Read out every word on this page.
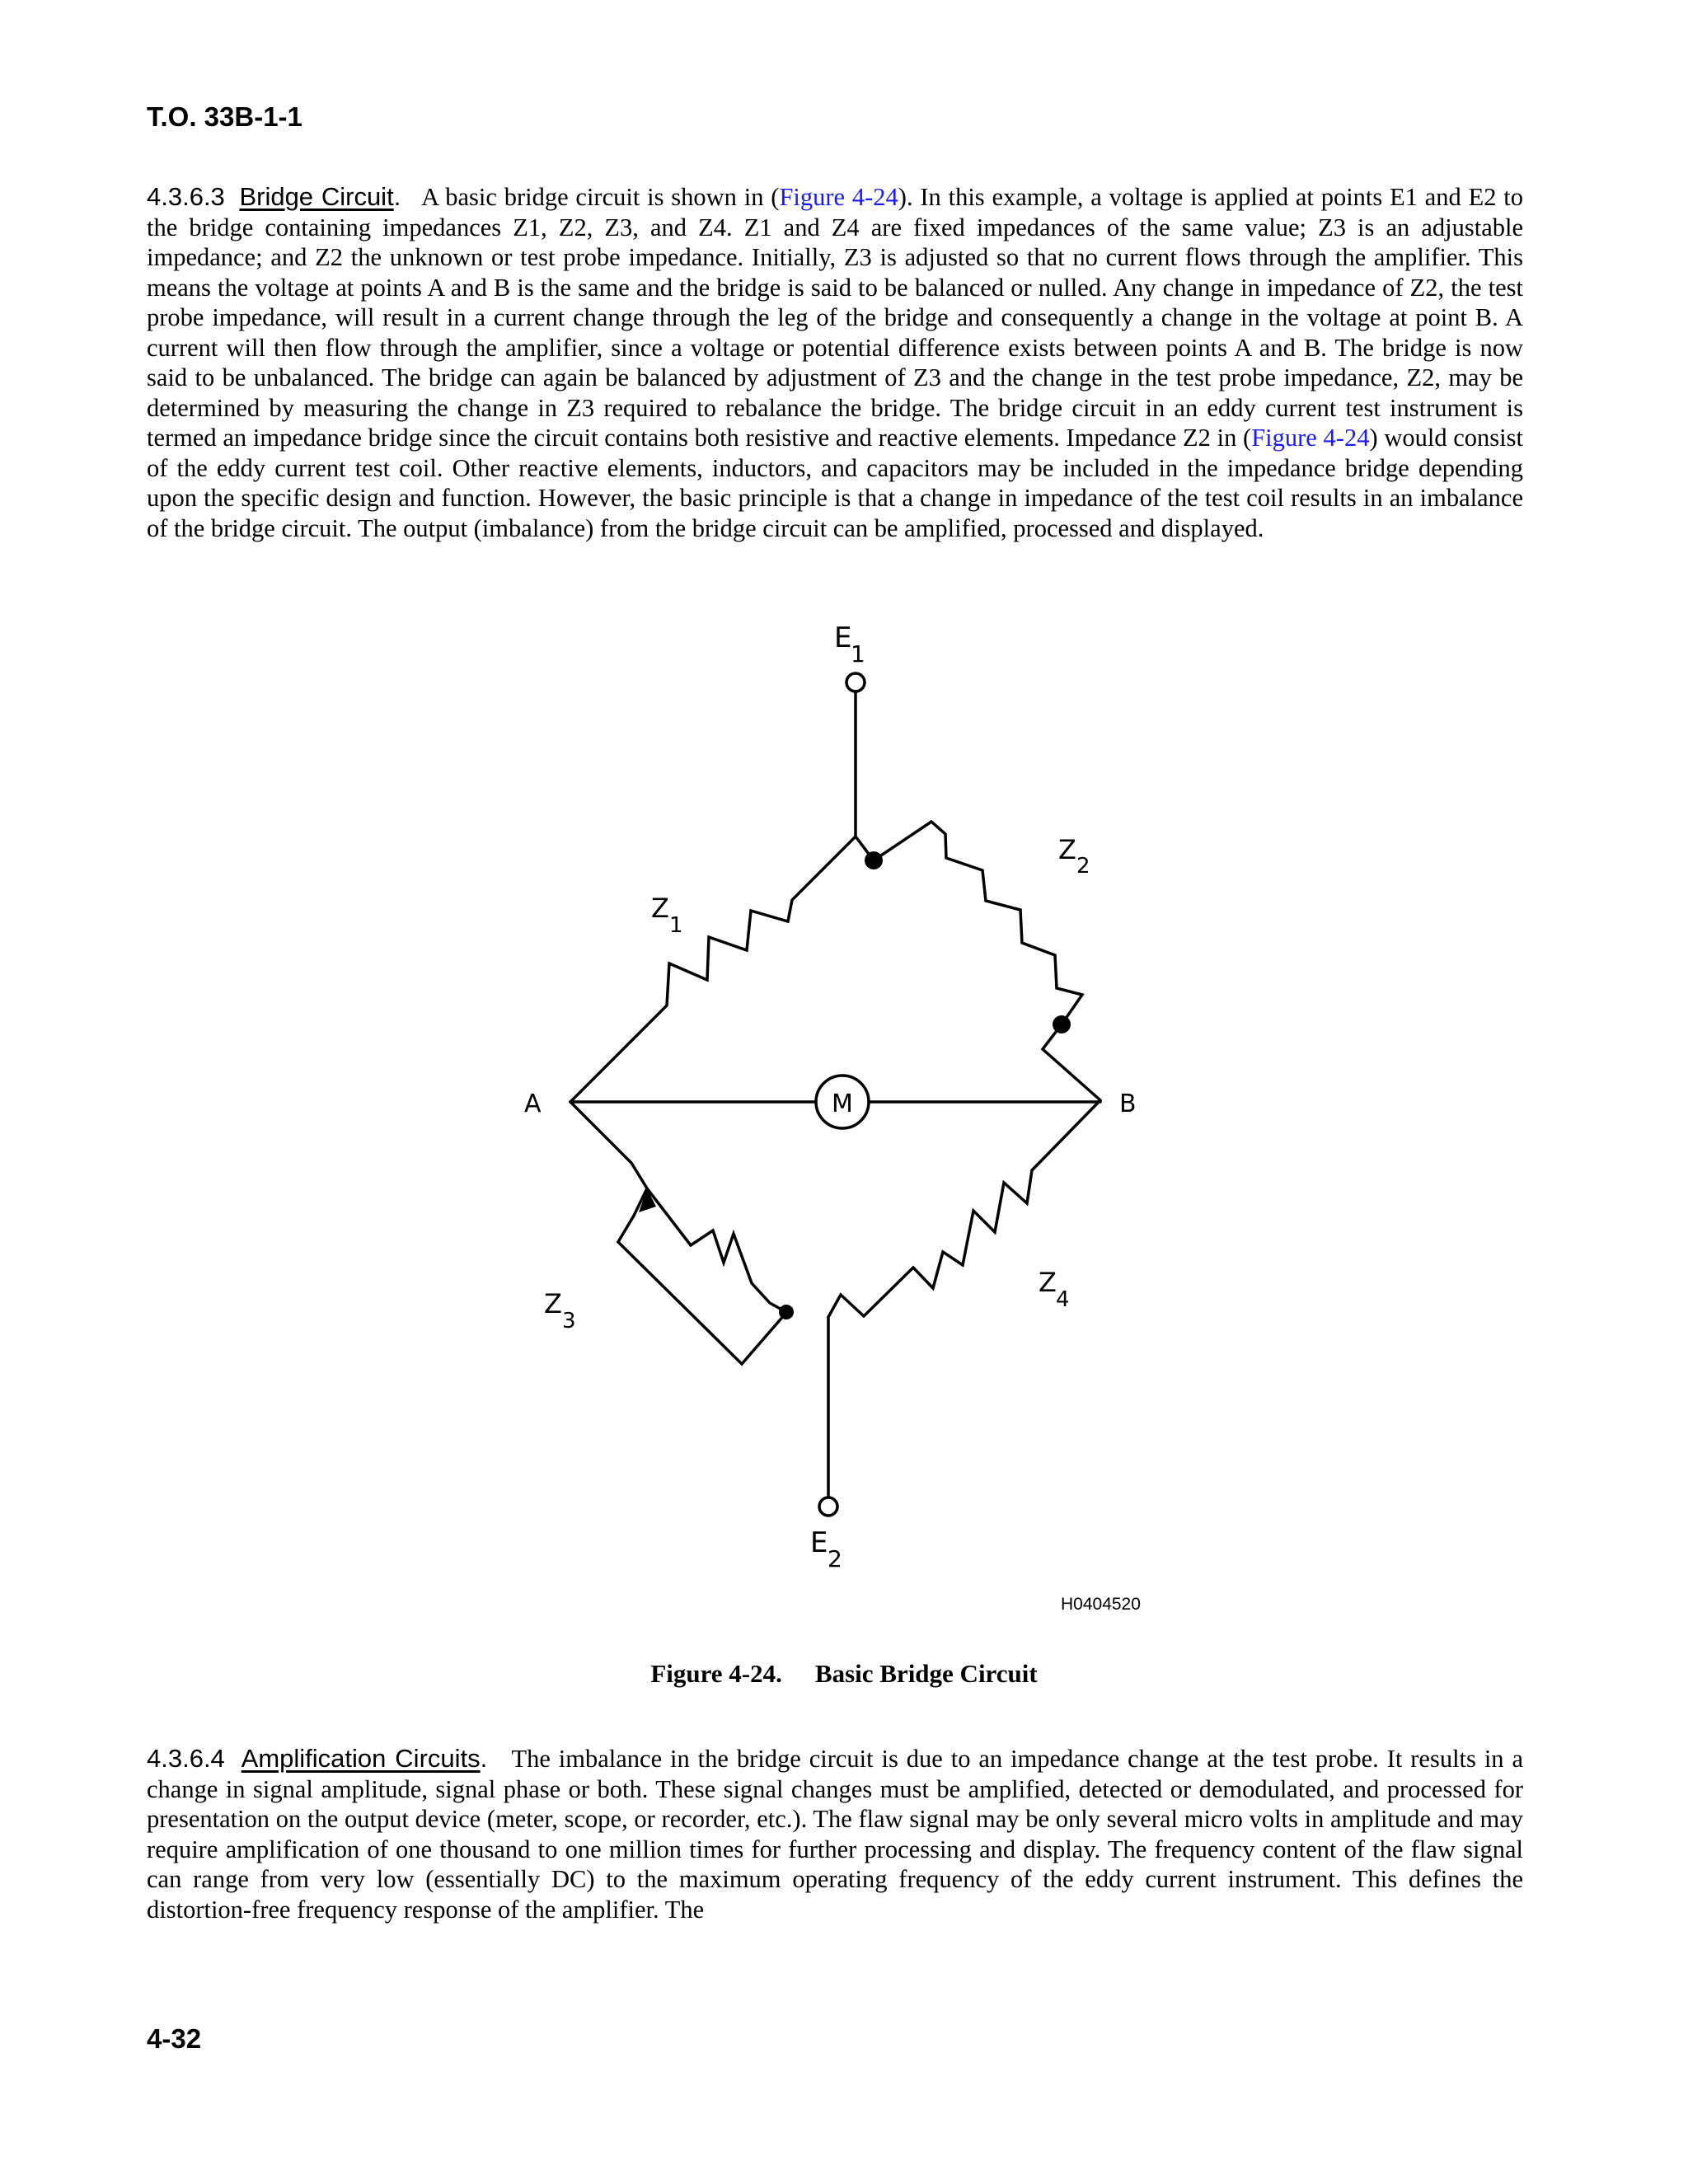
T.O. 33B-1-1

4.3.6.3 Bridge Circuit. A basic bridge circuit is shown in (Figure 4-24). In this example, a voltage is applied at points E1 and E2 to the bridge containing impedances Z1, Z2, Z3, and Z4. Z1 and Z4 are fixed impedances of the same value; Z3 is an adjustable impedance; and Z2 the unknown or test probe impedance. Initially, Z3 is adjusted so that no current flows through the amplifier. This means the voltage at points A and B is the same and the bridge is said to be balanced or nulled. Any change in impedance of Z2, the test probe impedance, will result in a current change through the leg of the bridge and consequently a change in the voltage at point B. A current will then flow through the amplifier, since a voltage or potential difference exists between points A and B. The bridge is now said to be unbalanced. The bridge can again be balanced by adjustment of Z3 and the change in the test probe impedance, Z2, may be determined by measuring the change in Z3 required to rebalance the bridge. The bridge circuit in an eddy current test instrument is termed an impedance bridge since the circuit contains both resistive and reactive elements. Impedance Z2 in (Figure 4-24) would consist of the eddy current test coil. Other reactive elements, inductors, and capacitors may be included in the impedance bridge depending upon the specific design and function. However, the basic principle is that a change in impedance of the test coil results in an imbalance of the bridge circuit. The output (imbalance) from the bridge circuit can be amplified, processed and displayed.

E
1
Z
2
Z
1
A	B
M
Z
4
Z
3
E 2
H0404520
Figure 4-24. Basic Bridge Circuit

4.3.6.4 Amplification Circuits. The imbalance in the bridge circuit is due to an impedance change at the test probe. It results in a change in signal amplitude, signal phase or both. These signal changes must be amplified, detected or demodulated, and processed for presentation on the output device (meter, scope, or recorder, etc.). The flaw signal may be only several micro volts in amplitude and may require amplification of one thousand to one million times for further processing and display. The frequency content of the flaw signal can range from very low (essentially DC) to the maximum operating frequency of the eddy current instrument. This defines the distortion-free frequency response of the amplifier. The

4-32
